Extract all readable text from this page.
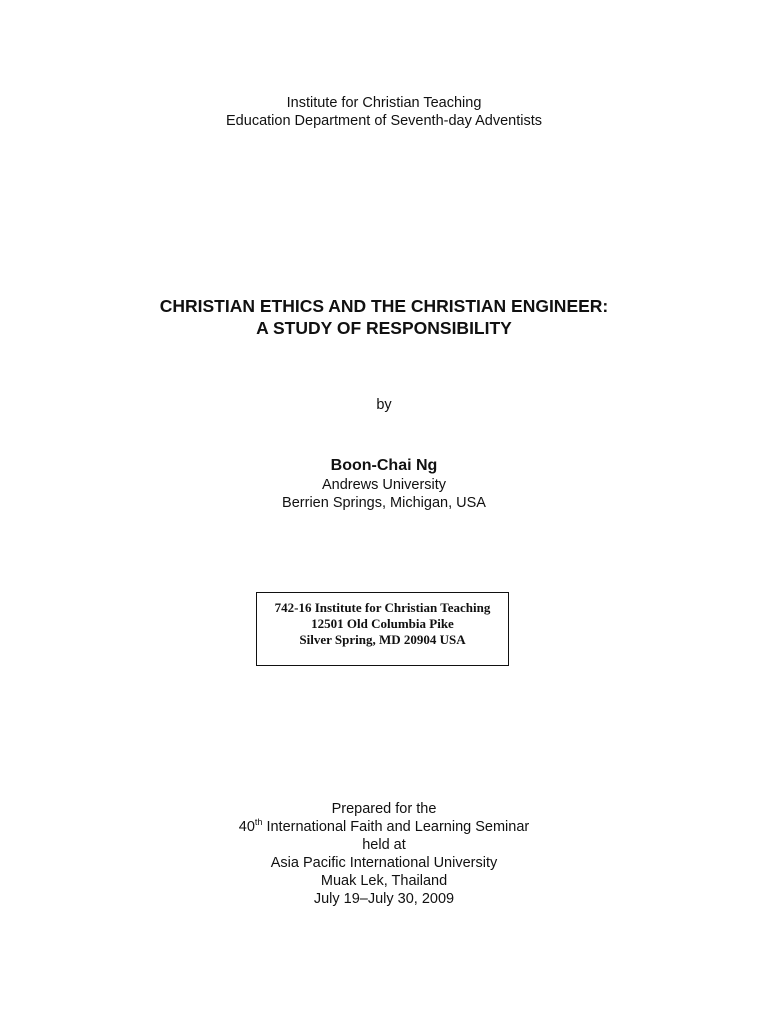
Institute for Christian Teaching
Education Department of Seventh-day Adventists
CHRISTIAN ETHICS AND THE CHRISTIAN ENGINEER:
A STUDY OF RESPONSIBILITY
by
Boon-Chai Ng
Andrews University
Berrien Springs, Michigan, USA
742-16 Institute for Christian Teaching
12501 Old Columbia Pike
Silver Spring, MD 20904 USA
Prepared for the
40th International Faith and Learning Seminar
held at
Asia Pacific International University
Muak Lek, Thailand
July 19–July 30, 2009
